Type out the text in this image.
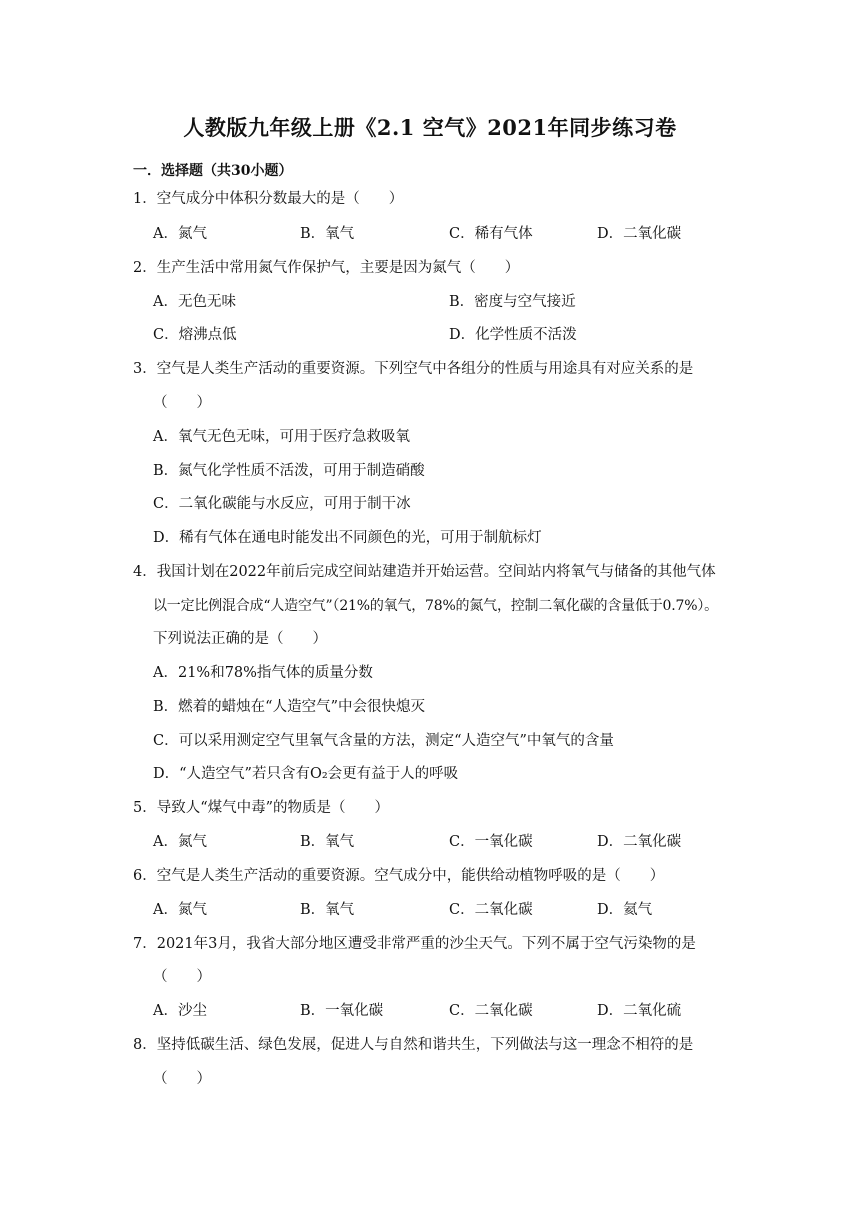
人教版九年级上册《2.1 空气》2021年同步练习卷
一．选择题（共30小题）
1．空气成分中体积分数最大的是（　　）
A．氮气	B．氧气	C．稀有气体	D．二氧化碳
2．生产生活中常用氮气作保护气，主要是因为氮气（　　）
A．无色无味	B．密度与空气接近
C．熔沸点低	D．化学性质不活泼
3．空气是人类生产活动的重要资源。下列空气中各组分的性质与用途具有对应关系的是
（　　）
A．氧气无色无味，可用于医疗急救吸氧
B．氮气化学性质不活泼，可用于制造硝酸
C．二氧化碳能与水反应，可用于制干冰
D．稀有气体在通电时能发出不同颜色的光，可用于制航标灯
4．我国计划在2022年前后完成空间站建造并开始运营。空间站内将氧气与储备的其他气体
以一定比例混合成“人造空气”（21%的氧气，78%的氮气，控制二氧化碳的含量低于0.7%）。
下列说法正确的是（　　）
A．21%和78%指气体的质量分数
B．燃着的蜡烛在“人造空气”中会很快熄灭
C．可以采用测定空气里氧气含量的方法，测定“人造空气”中氧气的含量
D．“人造空气”若只含有O₂会更有益于人的呼吸
5．导致人“煤气中毒”的物质是（　　）
A．氮气	B．氧气	C．一氧化碳	D．二氧化碳
6．空气是人类生产活动的重要资源。空气成分中，能供给动植物呼吸的是（　　）
A．氮气	B．氧气	C．二氧化碳	D．氦气
7．2021年3月，我省大部分地区遭受非常严重的沙尘天气。下列不属于空气污染物的是
（　　）
A．沙尘	B．一氧化碳	C．二氧化碳	D．二氧化硫
8．坚持低碳生活、绿色发展，促进人与自然和谐共生，下列做法与这一理念不相符的是
（　　）
